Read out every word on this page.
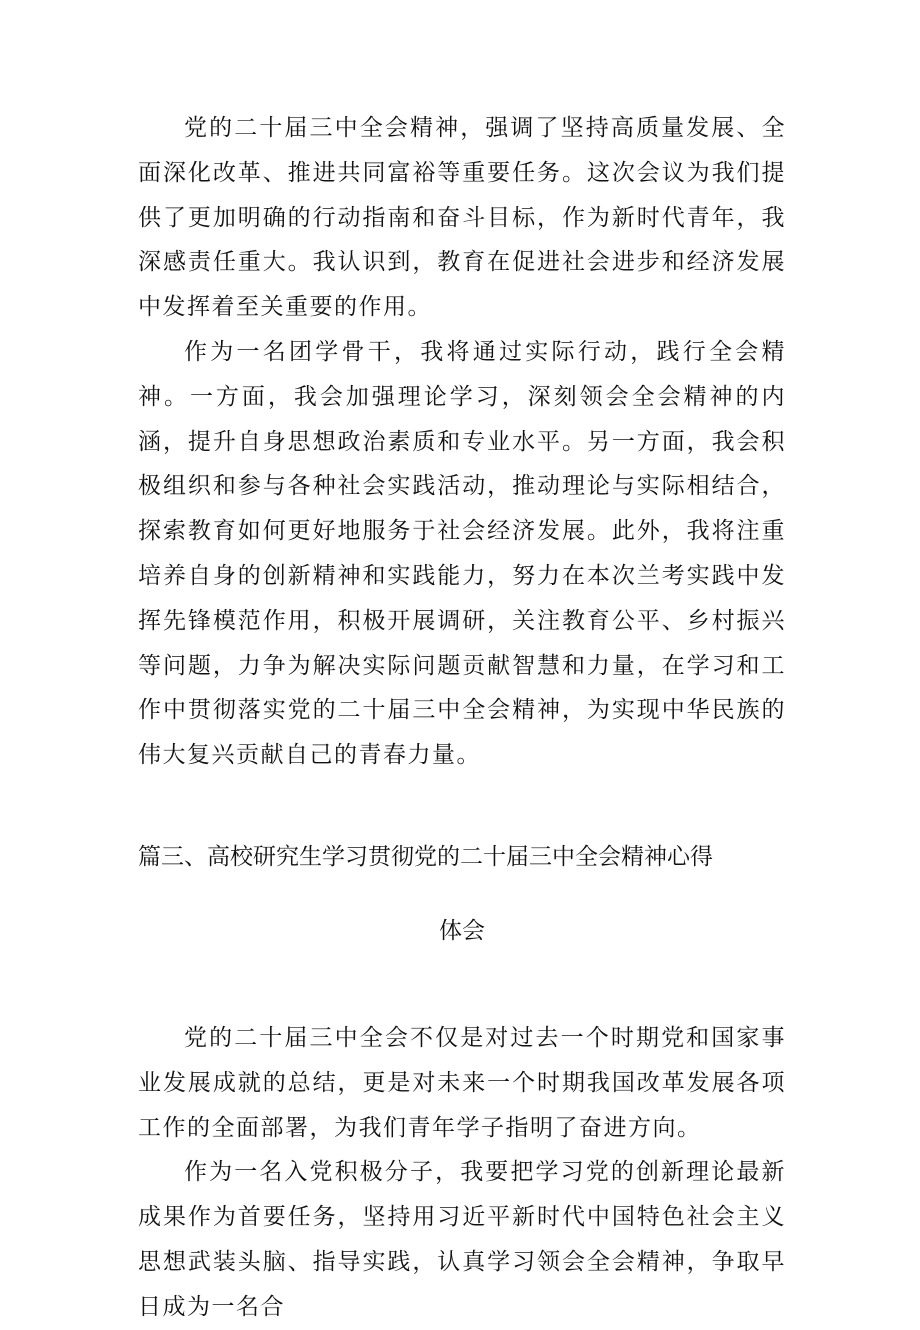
党的二十届三中全会精神，强调了坚持高质量发展、全面深化改革、推进共同富裕等重要任务。这次会议为我们提供了更加明确的行动指南和奋斗目标，作为新时代青年，我深感责任重大。我认识到，教育在促进社会进步和经济发展中发挥着至关重要的作用。

作为一名团学骨干，我将通过实际行动，践行全会精神。一方面，我会加强理论学习，深刻领会全会精神的内涵，提升自身思想政治素质和专业水平。另一方面，我会积极组织和参与各种社会实践活动，推动理论与实际相结合，探索教育如何更好地服务于社会经济发展。此外，我将注重培养自身的创新精神和实践能力，努力在本次兰考实践中发挥先锋模范作用，积极开展调研，关注教育公平、乡村振兴等问题，力争为解决实际问题贡献智慧和力量，在学习和工作中贯彻落实党的二十届三中全会精神，为实现中华民族的伟大复兴贡献自己的青春力量。

篇三、高校研究生学习贯彻党的二十届三中全会精神心得

体会

党的二十届三中全会不仅是对过去一个时期党和国家事业发展成就的总结，更是对未来一个时期我国改革发展各项工作的全面部署，为我们青年学子指明了奋进方向。

作为一名入党积极分子，我要把学习党的创新理论最新成果作为首要任务，坚持用习近平新时代中国特色社会主义思想武装头脑、指导实践，认真学习领会全会精神，争取早日成为一名合
